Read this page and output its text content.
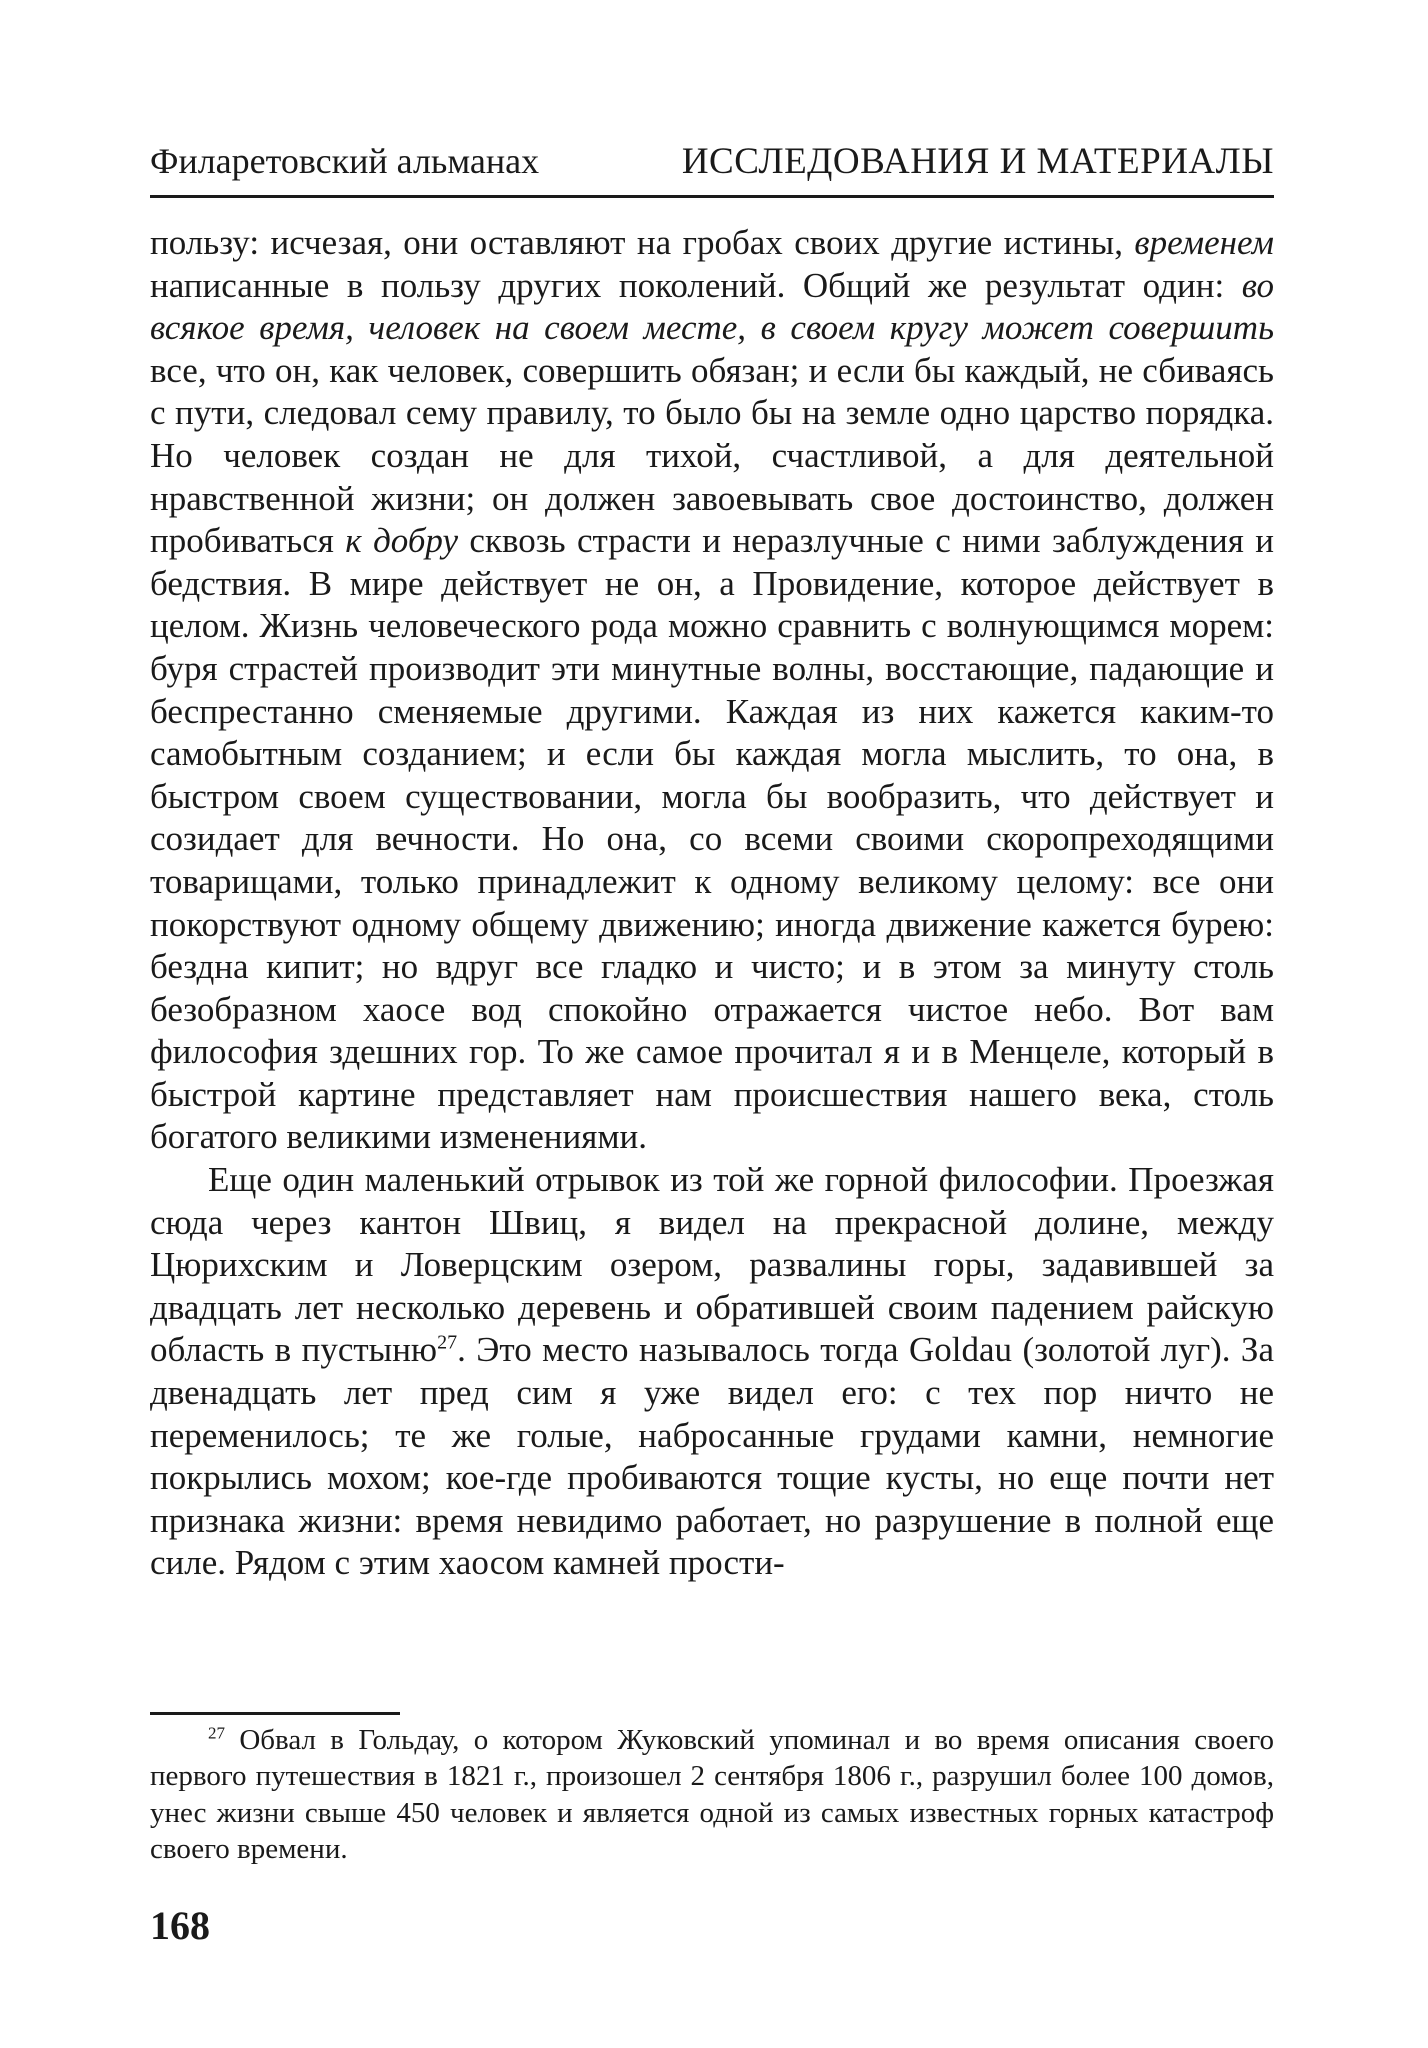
Филаретовский альманах	ИССЛЕДОВАНИЯ И МАТЕРИАЛЫ

пользу: исчезая, они оставляют на гробах своих другие истины, временем написанные в пользу других поколений. Общий же результат один: во всякое время, человек на своем месте, в своем кругу может совершить все, что он, как человек, совершить обязан; и если бы каждый, не сбиваясь с пути, следовал сему правилу, то было бы на земле одно царство порядка. Но человек создан не для тихой, счастливой, а для деятельной нравственной жизни; он должен завоевывать свое достоинство, должен пробиваться к добру сквозь страсти и неразлучные с ними заблуждения и бедствия. В мире действует не он, а Провидение, которое действует в целом. Жизнь человеческого рода можно сравнить с волнующимся морем: буря страстей производит эти минутные волны, восстающие, падающие и беспрестанно сменяемые другими. Каждая из них кажется каким-то самобытным созданием; и если бы каждая могла мыслить, то она, в быстром своем существовании, могла бы вообразить, что действует и созидает для вечности. Но она, со всеми своими скоропреходящими товарищами, только принадлежит к одному великому целому: все они покорствуют одному общему движению; иногда движение кажется бурею: бездна кипит; но вдруг все гладко и чисто; и в этом за минуту столь безобразном хаосе вод спокойно отражается чистое небо. Вот вам философия здешних гор. То же самое прочитал я и в Менцеле, который в быстрой картине представляет нам происшествия нашего века, столь богатого великими изменениями.

Еще один маленький отрывок из той же горной философии. Проезжая сюда через кантон Швиц, я видел на прекрасной долине, между Цюрихским и Ловерцским озером, развалины горы, задавившей за двадцать лет несколько деревень и обратившей своим падением райскую область в пустыню$^{27}$. Это место называлось тогда Goldau (золотой луг). За двенадцать лет пред сим я уже видел его: с тех пор ничто не переменилось; те же голые, набросанные грудами камни, немногие покрылись мохом; кое-где пробиваются тощие кусты, но еще почти нет признака жизни: время невидимо работает, но разрушение в полной еще силе. Рядом с этим хаосом камней прости-

$^{27}$ Обвал в Гольдау, о котором Жуковский упоминал и во время описания своего первого путешествия в 1821 г., произошел 2 сентября 1806 г., разрушил более 100 домов, унес жизни свыше 450 человек и является одной из самых известных горных катастроф своего времени.

168
